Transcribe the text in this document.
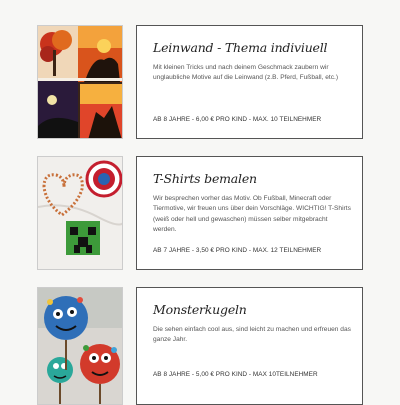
Leinwand - Thema indiviuell
Mit kleinen Tricks und nach deinem Geschmack zaubern wir unglaubliche Motive auf die Leinwand (z.B. Pferd, Fußball, etc.)
AB 8 JAHRE - 6,00 € PRO KIND - MAX. 10 TEILNEHMER
T-Shirts bemalen
Wir besprechen vorher das Motiv. Ob Fußball, Minecraft oder Tiermotive, wir freuen uns über dein Vorschläge. WICHTIG! T-Shirts (weiß oder hell und gewaschen) müssen selber mitgebracht werden.
AB 7 JAHRE - 3,50 € PRO KIND - MAX. 12 TEILNEHMER
Monsterkugeln
Die sehen einfach cool aus, sind leicht zu machen und erfreuen das ganze Jahr.
AB 8 JAHRE - 5,00 € PRO KIND - MAX 10TEILNEHMER
